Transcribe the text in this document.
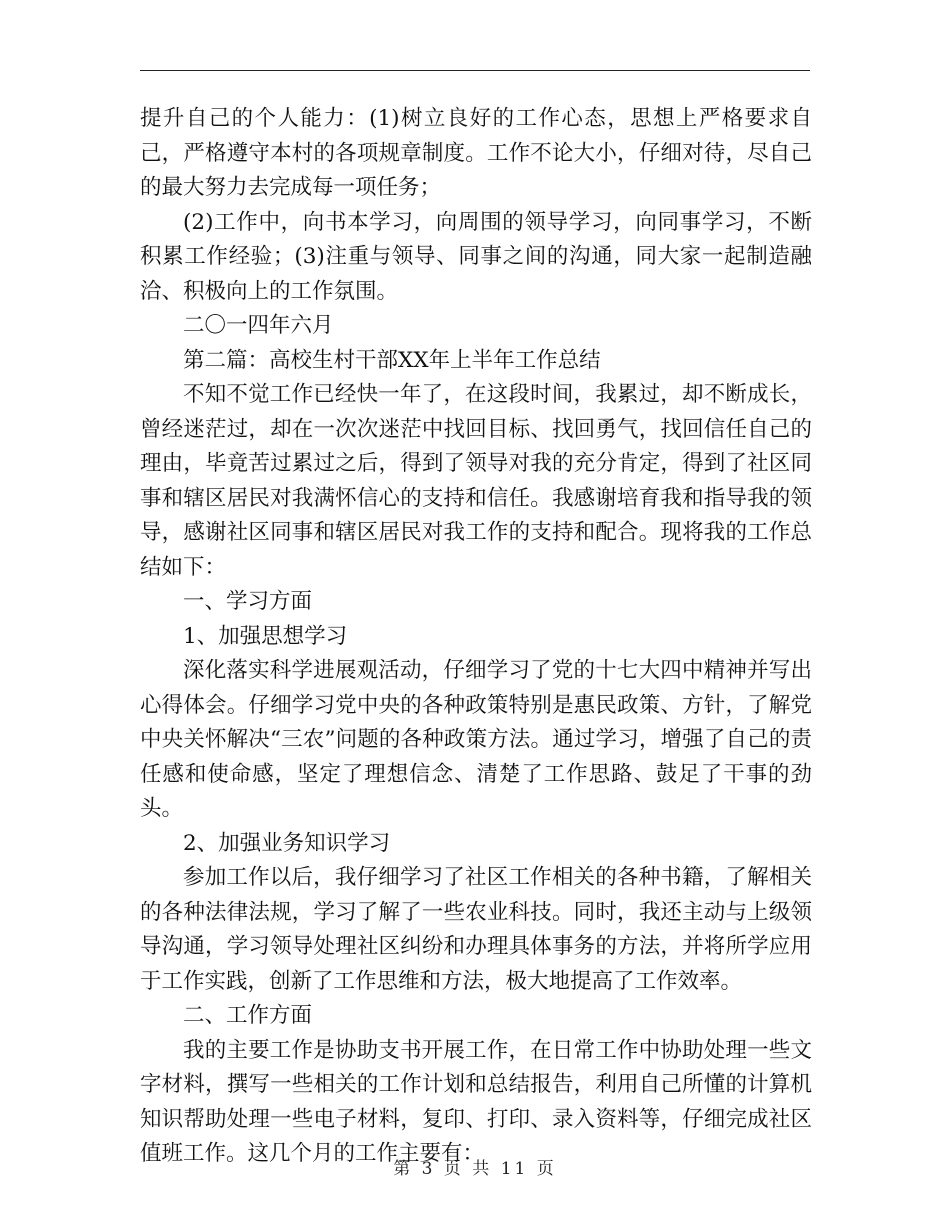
提升自己的个人能力：(1)树立良好的工作心态，思想上严格要求自己，严格遵守本村的各项规章制度。工作不论大小，仔细对待，尽自己的最大努力去完成每一项任务；

(2)工作中，向书本学习，向周围的领导学习，向同事学习，不断积累工作经验；(3)注重与领导、同事之间的沟通，同大家一起制造融洽、积极向上的工作氛围。

二〇一四年六月

第二篇：高校生村干部XX年上半年工作总结

不知不觉工作已经快一年了，在这段时间，我累过，却不断成长，曾经迷茫过，却在一次次迷茫中找回目标、找回勇气，找回信任自己的理由，毕竟苦过累过之后，得到了领导对我的充分肯定，得到了社区同事和辖区居民对我满怀信心的支持和信任。我感谢培育我和指导我的领导，感谢社区同事和辖区居民对我工作的支持和配合。现将我的工作总结如下：

一、学习方面

1、加强思想学习

深化落实科学进展观活动，仔细学习了党的十七大四中精神并写出心得体会。仔细学习党中央的各种政策特别是惠民政策、方针，了解党中央关怀解决“三农”问题的各种政策方法。通过学习，增强了自己的责任感和使命感，坚定了理想信念、清楚了工作思路、鼓足了干事的劲头。

2、加强业务知识学习

参加工作以后，我仔细学习了社区工作相关的各种书籍，了解相关的各种法律法规，学习了解了一些农业科技。同时，我还主动与上级领导沟通，学习领导处理社区纠纷和办理具体事务的方法，并将所学应用于工作实践，创新了工作思维和方法，极大地提高了工作效率。

二、工作方面

我的主要工作是协助支书开展工作，在日常工作中协助处理一些文字材料，撰写一些相关的工作计划和总结报告，利用自己所懂的计算机知识帮助处理一些电子材料，复印、打印、录入资料等，仔细完成社区值班工作。这几个月的工作主要有：

第 3 页 共 11 页
